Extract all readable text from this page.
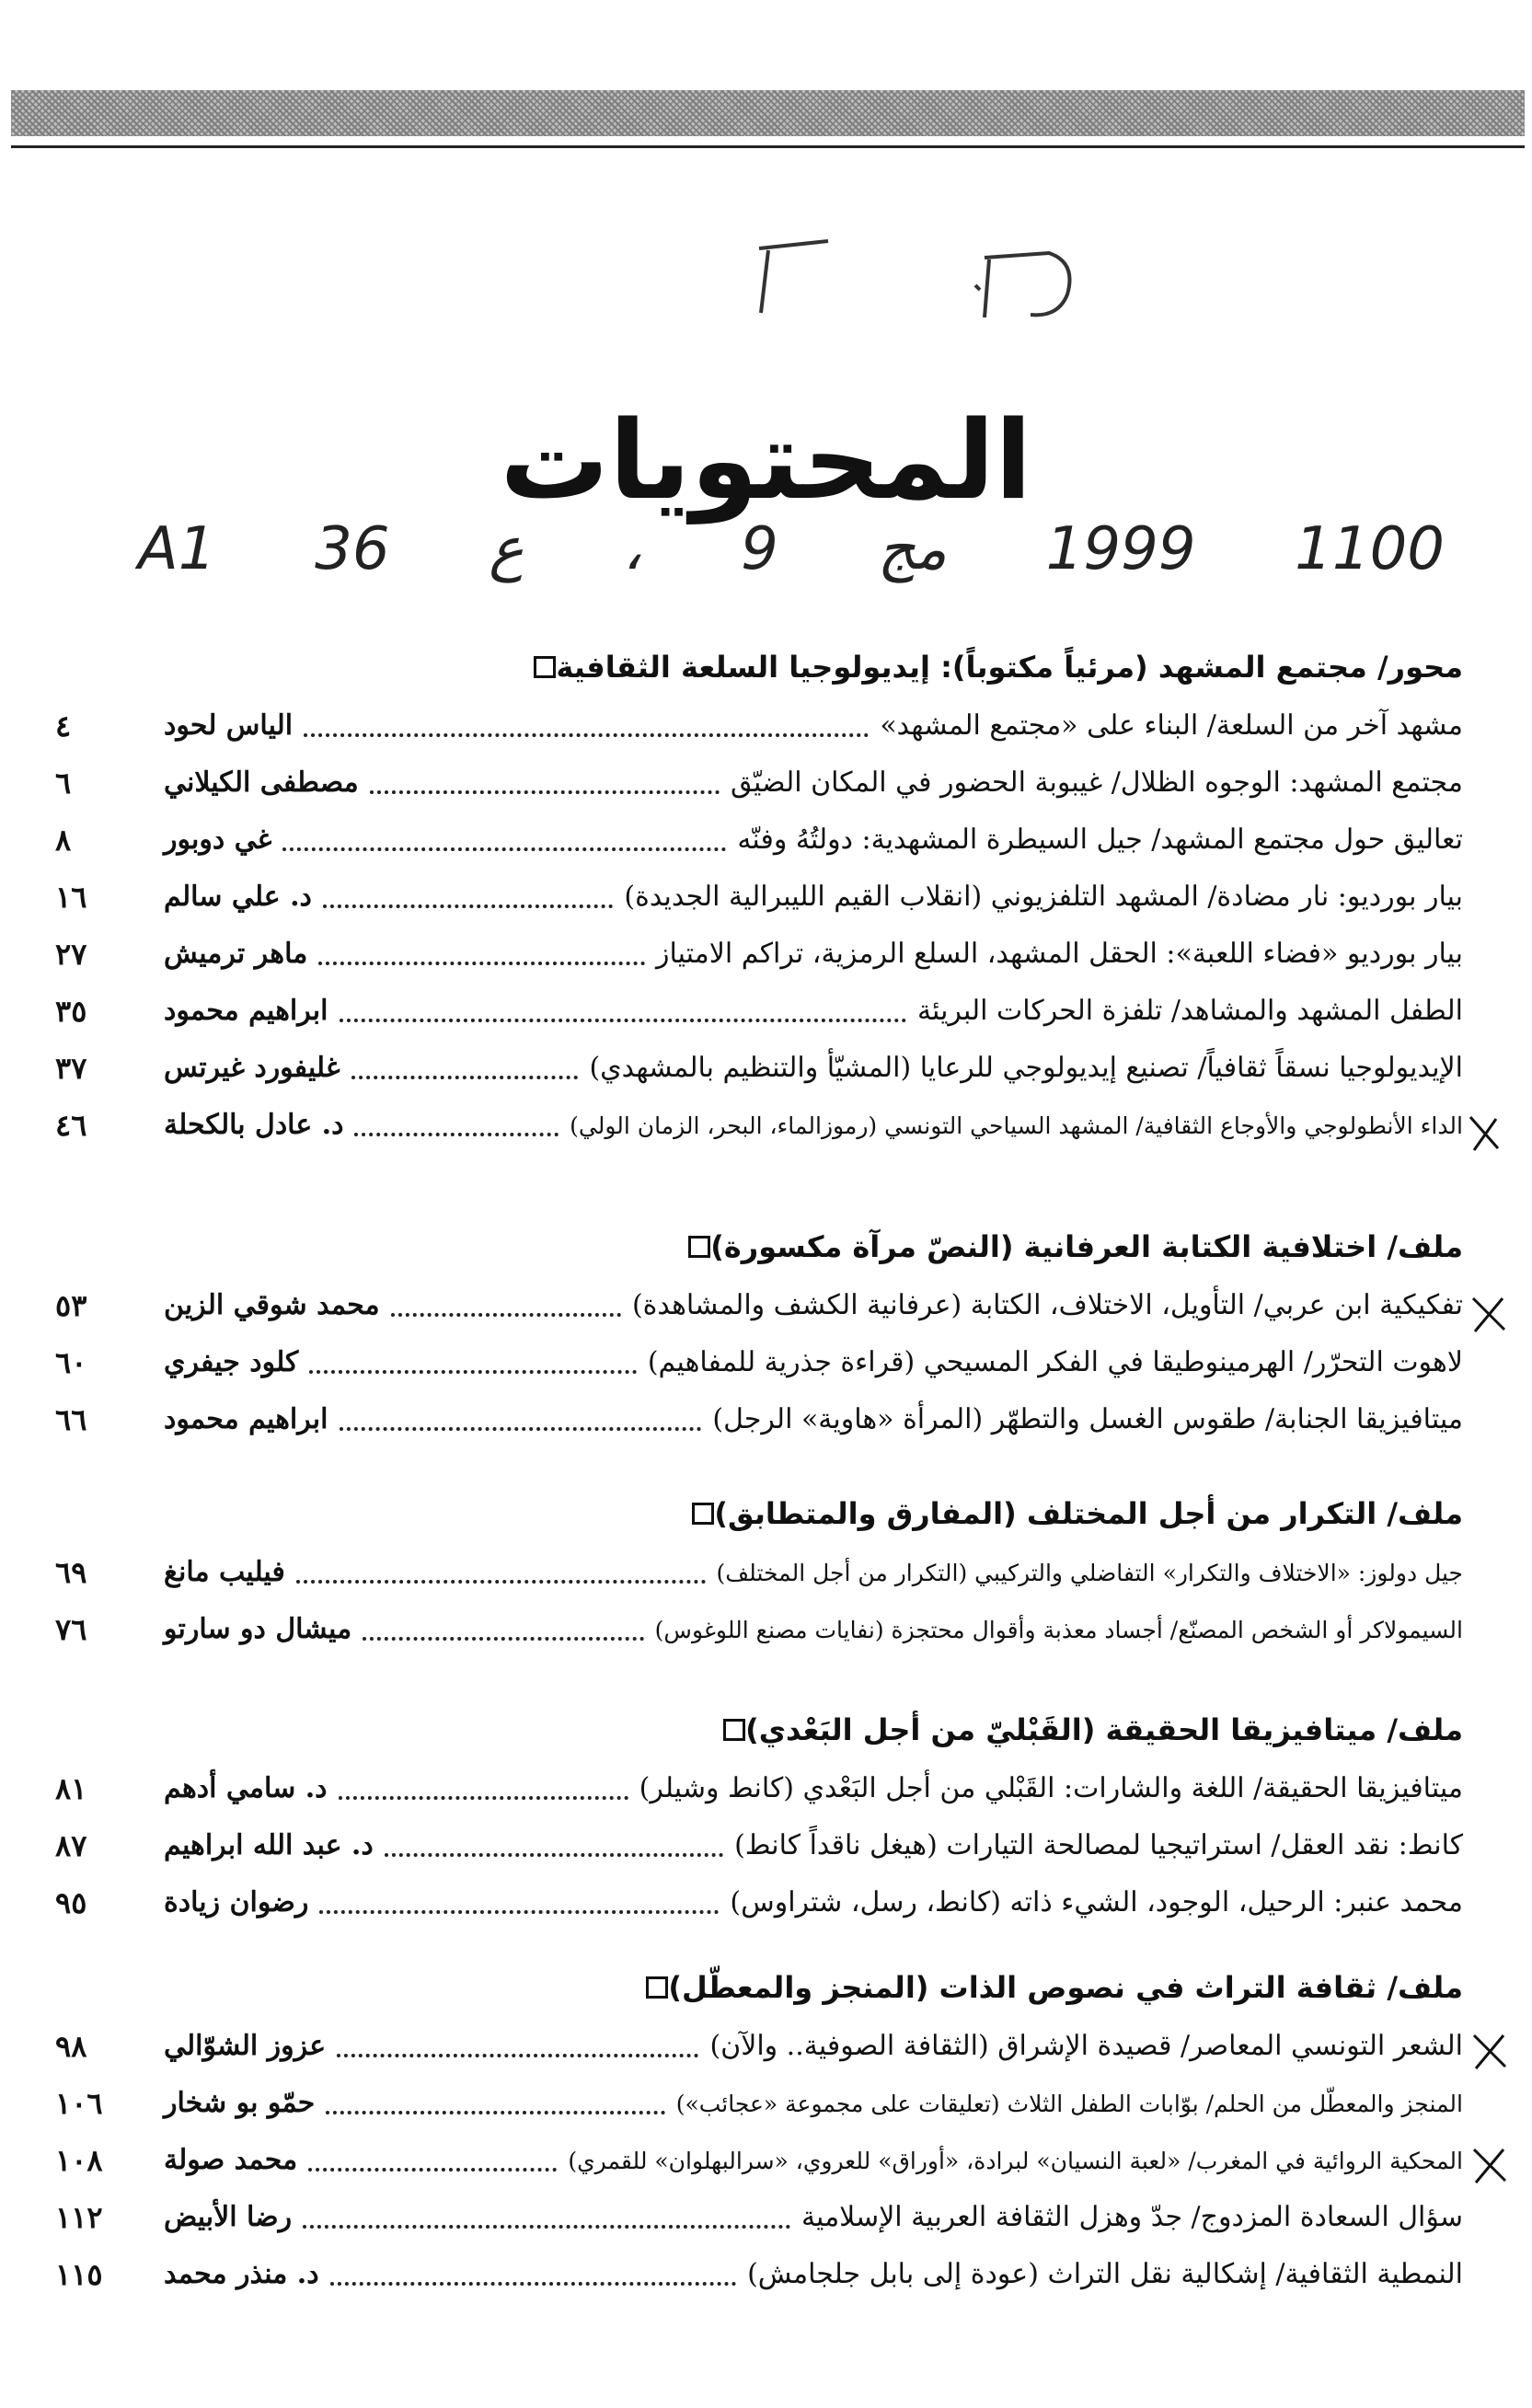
المحتويات
A1 36 ع ، 9 مج 1999 1100
محور/ مجتمع المشهد (مرئياً مكتوباً): إيديولوجيا السلعة الثقافية
مشهد آخر من السلعة/ البناء على «مجتمع المشهد»
الياس لحود
٤
مجتمع المشهد: الوجوه الظلال/ غيبوبة الحضور في المكان الضيّق
مصطفى الكيلاني
٦
تعاليق حول مجتمع المشهد/ جيل السيطرة المشهدية: دولتُهُ وفنّه
غي دوبور
٨
بيار بورديو: نار مضادة/ المشهد التلفزيوني (انقلاب القيم الليبرالية الجديدة)
د. علي سالم
١٦
بيار بورديو «فضاء اللعبة»: الحقل المشهد، السلع الرمزية، تراكم الامتياز
ماهر ترميش
٢٧
الطفل المشهد والمشاهد/ تلفزة الحركات البريئة
ابراهيم محمود
٣٥
الإيديولوجيا نسقاً ثقافياً/ تصنيع إيديولوجي للرعايا (المشيّأ والتنظيم بالمشهدي)
غليفورد غيرتس
٣٧
الداء الأنطولوجي والأوجاع الثقافية/ المشهد السياحي التونسي (رموزالماء، البحر، الزمان الولي)
د. عادل بالكحلة
٤٦
ملف/ اختلافية الكتابة العرفانية (النصّ مرآة مكسورة)
تفكيكية ابن عربي/ التأويل، الاختلاف، الكتابة (عرفانية الكشف والمشاهدة)
محمد شوقي الزين
٥٣
لاهوت التحرّر/ الهرمينوطيقا في الفكر المسيحي (قراءة جذرية للمفاهيم)
كلود جيفري
٦٠
ميتافيزيقا الجنابة/ طقوس الغسل والتطهّر (المرأة «هاوية» الرجل)
ابراهيم محمود
٦٦
ملف/ التكرار من أجل المختلف (المفارق والمتطابق)
جيل دولوز: «الاختلاف والتكرار» التفاضلي والتركيبي (التكرار من أجل المختلف)
فيليب مانغ
٦٩
السيمولاكر أو الشخص المصنّع/ أجساد معذبة وأقوال محتجزة (نفايات مصنع اللوغوس)
ميشال دو سارتو
٧٦
ملف/ ميتافيزيقا الحقيقة (القَبْليّ من أجل البَعْدي)
ميتافيزيقا الحقيقة/ اللغة والشارات: القَبْلي من أجل البَعْدي (كانط وشيلر)
د. سامي أدهم
٨١
كانط: نقد العقل/ استراتيجيا لمصالحة التيارات (هيغل ناقداً كانط)
د. عبد الله ابراهيم
٨٧
محمد عنبر: الرحيل، الوجود، الشيء ذاته (كانط، رسل، شتراوس)
رضوان زيادة
٩٥
ملف/ ثقافة التراث في نصوص الذات (المنجز والمعطّل)
الشعر التونسي المعاصر/ قصيدة الإشراق (الثقافة الصوفية.. والآن)
عزوز الشوّالي
٩٨
المنجز والمعطّل من الحلم/ بوّابات الطفل الثلاث (تعليقات على مجموعة «عجائب»)
حمّو بو شخار
١٠٦
المحكية الروائية في المغرب/ «لعبة النسيان» لبرادة، «أوراق» للعروي، «سرالبهلوان» للقمري)
محمد صولة
١٠٨
سؤال السعادة المزدوج/ جدّ وهزل الثقافة العربية الإسلامية
رضا الأبيض
١١٢
النمطية الثقافية/ إشكالية نقل التراث (عودة إلى بابل جلجامش)
د. منذر محمد
١١٥
